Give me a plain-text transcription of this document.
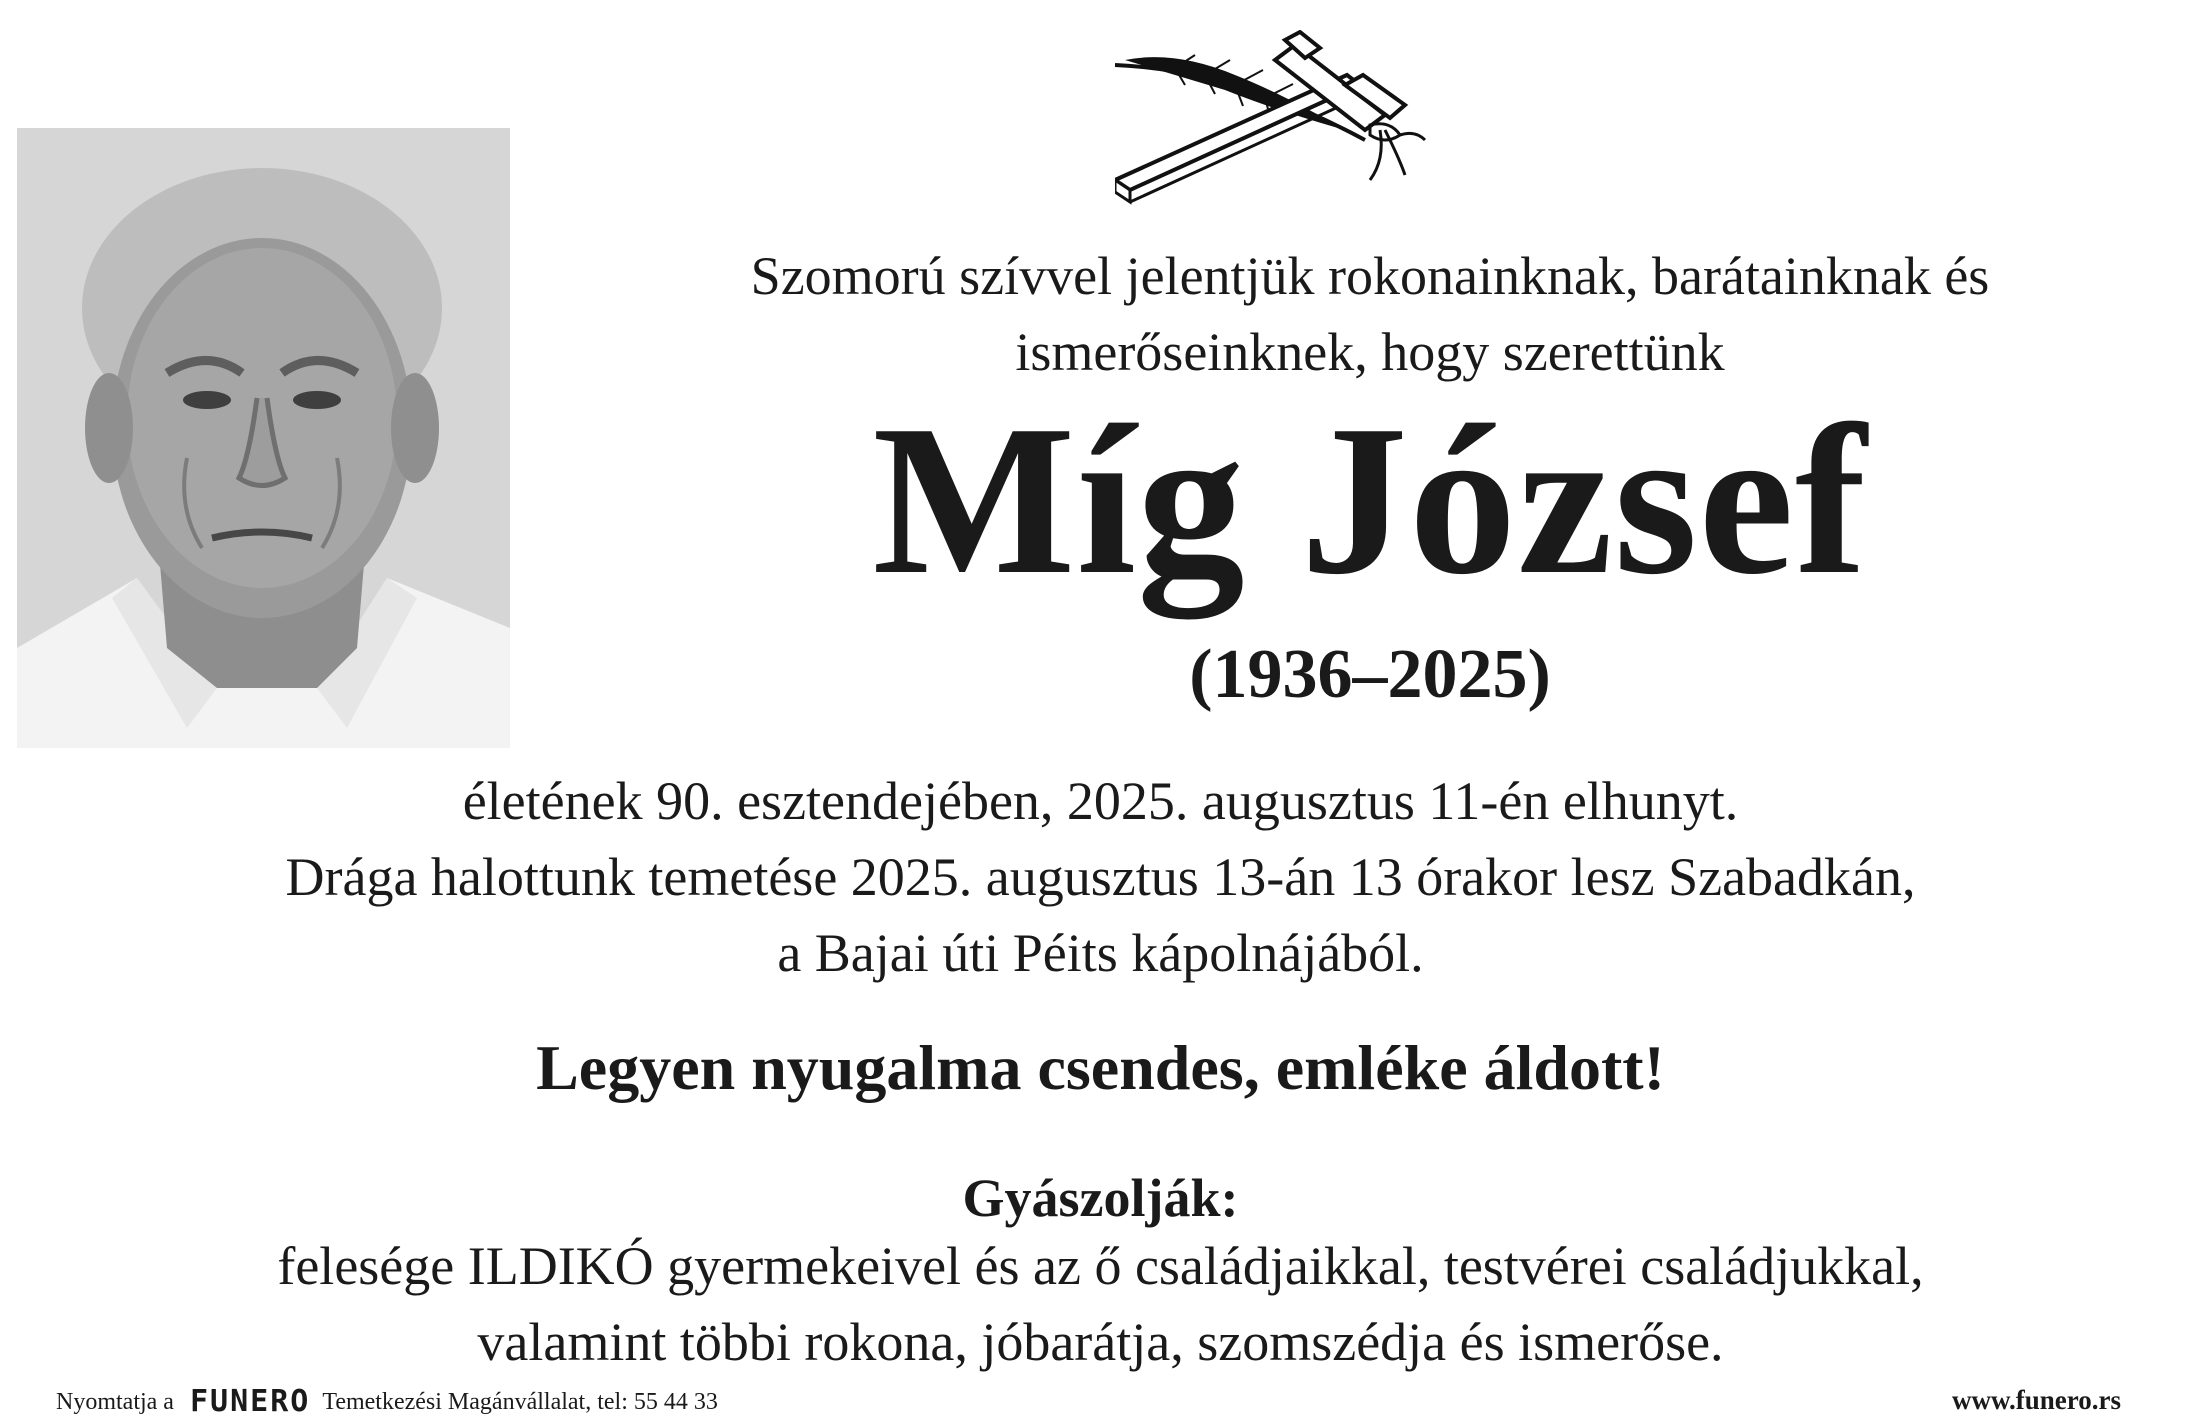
Szomorú szívvel jelentjük rokonainknak, barátainknak és
ismerőseinknek, hogy szerettünk
Míg József
(1936–2025)
életének 90. esztendejében, 2025. augusztus 11-én elhunyt.
Drága halottunk temetése 2025. augusztus 13-án 13 órakor lesz Szabadkán,
a Bajai úti Péits kápolnájából.
Legyen nyugalma csendes, emléke áldott!
Gyászolják:
felesége ILDIKÓ gyermekeivel és az ő családjaikkal, testvérei családjukkal,
valamint többi rokona, jóbarátja, szomszédja és ismerőse.
Nyomtatja a FUNERO Temetkezési Magánvállalat, tel: 55 44 33	www.funero.rs
